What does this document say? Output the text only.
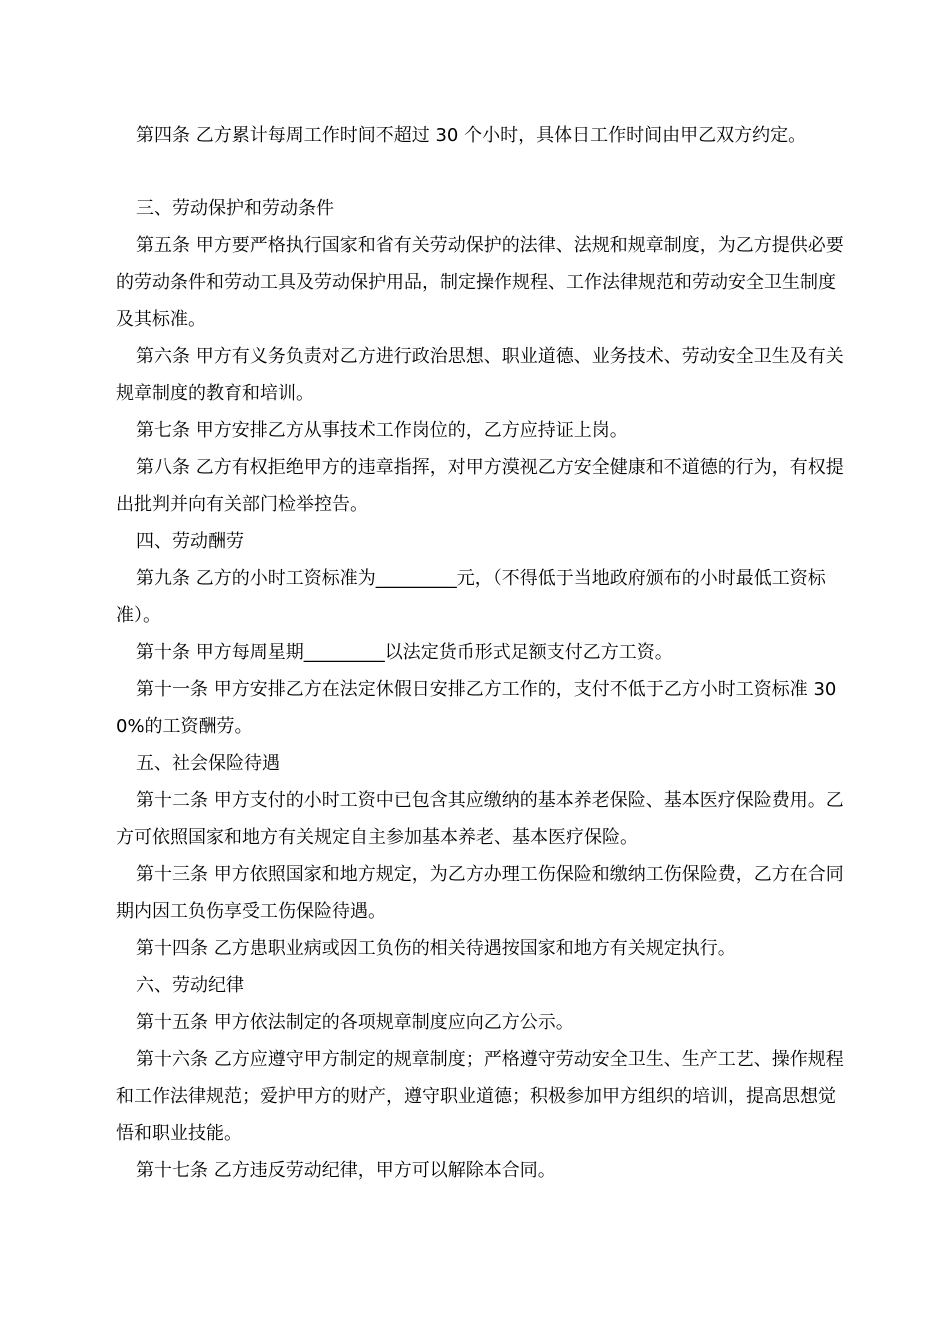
第四条 乙方累计每周工作时间不超过 30 个小时，具体日工作时间由甲乙双方约定。

三、劳动保护和劳动条件

第五条 甲方要严格执行国家和省有关劳动保护的法律、法规和规章制度，为乙方提供必要的劳动条件和劳动工具及劳动保护用品，制定操作规程、工作法律规范和劳动安全卫生制度及其标准。

第六条 甲方有义务负责对乙方进行政治思想、职业道德、业务技术、劳动安全卫生及有关规章制度的教育和培训。

第七条 甲方安排乙方从事技术工作岗位的，乙方应持证上岗。

第八条 乙方有权拒绝甲方的违章指挥，对甲方漠视乙方安全健康和不道德的行为，有权提出批判并向有关部门检举控告。

四、劳动酬劳

第九条 乙方的小时工资标准为_________元，（不得低于当地政府颁布的小时最低工资标准）。

第十条 甲方每周星期_________以法定货币形式足额支付乙方工资。

第十一条 甲方安排乙方在法定休假日安排乙方工作的，支付不低于乙方小时工资标准 300%的工资酬劳。

五、社会保险待遇

第十二条 甲方支付的小时工资中已包含其应缴纳的基本养老保险、基本医疗保险费用。乙方可依照国家和地方有关规定自主参加基本养老、基本医疗保险。

第十三条 甲方依照国家和地方规定，为乙方办理工伤保险和缴纳工伤保险费，乙方在合同期内因工负伤享受工伤保险待遇。

第十四条 乙方患职业病或因工负伤的相关待遇按国家和地方有关规定执行。

六、劳动纪律

第十五条 甲方依法制定的各项规章制度应向乙方公示。

第十六条 乙方应遵守甲方制定的规章制度；严格遵守劳动安全卫生、生产工艺、操作规程和工作法律规范；爱护甲方的财产，遵守职业道德；积极参加甲方组织的培训，提高思想觉悟和职业技能。

第十七条 乙方违反劳动纪律，甲方可以解除本合同。
